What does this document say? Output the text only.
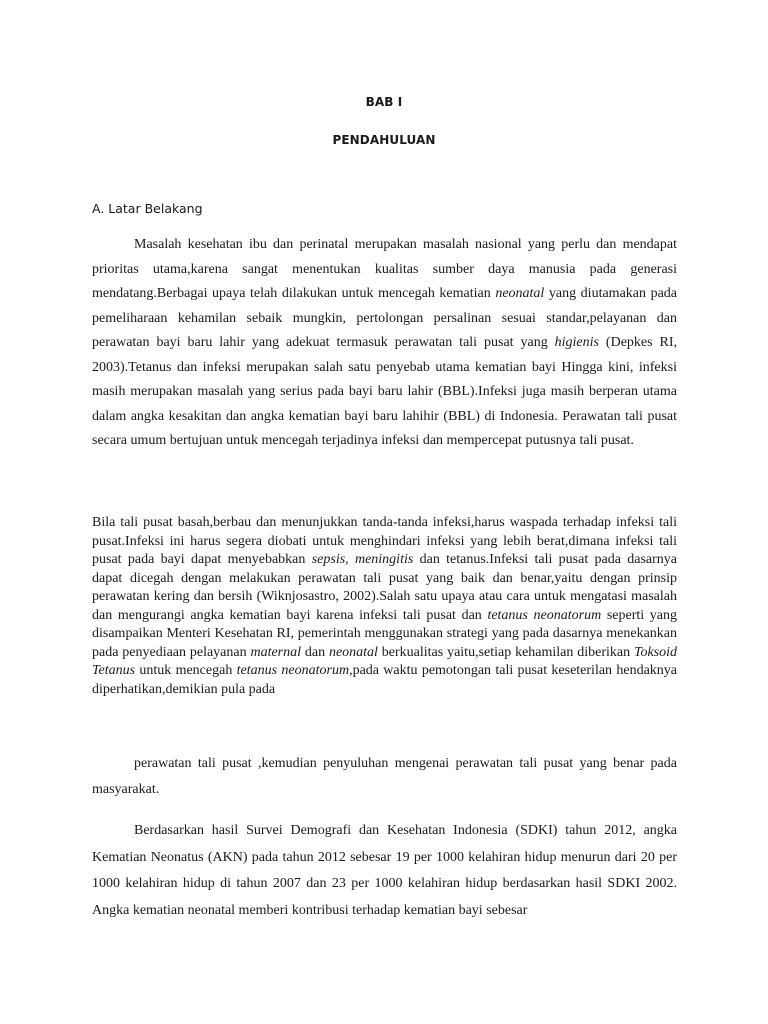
BAB I
PENDAHULUAN
A. Latar Belakang

Masalah kesehatan ibu dan perinatal merupakan masalah nasional yang perlu dan mendapat prioritas utama,karena sangat menentukan kualitas sumber daya manusia pada generasi mendatang.Berbagai upaya telah dilakukan untuk mencegah kematian neonatal yang diutamakan pada pemeliharaan kehamilan sebaik mungkin, pertolongan persalinan sesuai standar,pelayanan dan perawatan bayi baru lahir yang adekuat termasuk perawatan tali pusat yang higienis (Depkes RI, 2003).Tetanus dan infeksi merupakan salah satu penyebab utama kematian bayi Hingga kini, infeksi masih merupakan masalah yang serius pada bayi baru lahir (BBL).Infeksi juga masih berperan utama dalam angka kesakitan dan angka kematian bayi baru lahihir (BBL) di Indonesia. Perawatan tali pusat secara umum bertujuan untuk mencegah terjadinya infeksi dan mempercepat putusnya tali pusat.

Bila tali pusat basah,berbau dan menunjukkan tanda-tanda infeksi,harus waspada terhadap infeksi tali pusat.Infeksi ini harus segera diobati untuk menghindari infeksi yang lebih berat,dimana infeksi tali pusat pada bayi dapat menyebabkan sepsis, meningitis dan tetanus.Infeksi tali pusat pada dasarnya dapat dicegah dengan melakukan perawatan tali pusat yang baik dan benar,yaitu dengan prinsip perawatan kering dan bersih (Wiknjosastro, 2002).Salah satu upaya atau cara untuk mengatasi masalah dan mengurangi angka kematian bayi karena infeksi tali pusat dan tetanus neonatorum seperti yang disampaikan Menteri Kesehatan RI, pemerintah menggunakan strategi yang pada dasarnya menekankan pada penyediaan pelayanan maternal dan neonatal berkualitas yaitu,setiap kehamilan diberikan Toksoid Tetanus untuk mencegah tetanus neonatorum,pada waktu pemotongan tali pusat keseterilan hendaknya diperhatikan,demikian pula pada

perawatan tali pusat ,kemudian penyuluhan mengenai perawatan tali pusat yang benar pada masyarakat.

Berdasarkan hasil Survei Demografi dan Kesehatan Indonesia (SDKI) tahun 2012, angka Kematian Neonatus (AKN) pada tahun 2012 sebesar 19 per 1000 kelahiran hidup menurun dari 20 per 1000 kelahiran hidup di tahun 2007 dan 23 per 1000 kelahiran hidup berdasarkan hasil SDKI 2002. Angka kematian neonatal memberi kontribusi terhadap kematian bayi sebesar
